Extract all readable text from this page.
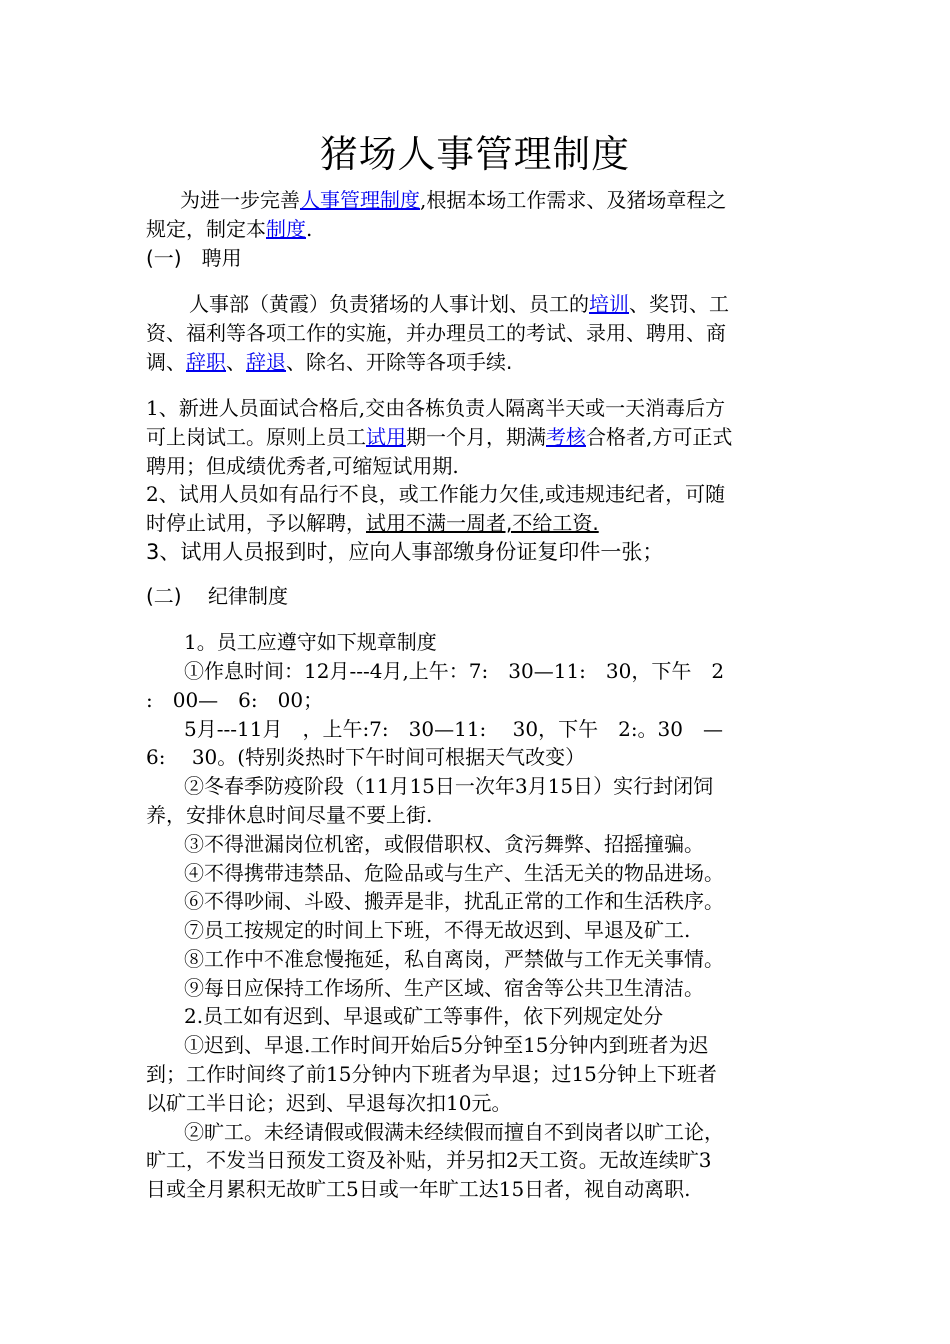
猪场人事管理制度
为进一步完善人事管理制度,根据本场工作需求、及猪场章程之
规定，制定本制度.
(一)　聘用
人事部（黄霞）负责猪场的人事计划、员工的培训、奖罚、工
资、福利等各项工作的实施，并办理员工的考试、录用、聘用、商
调、辞职、辞退、除名、开除等各项手续.
1、新进人员面试合格后,交由各栋负责人隔离半天或一天消毒后方
可上岗试工。原则上员工试用期一个月，期满考核合格者,方可正式
聘用；但成绩优秀者,可缩短试用期.
2、试用人员如有品行不良，或工作能力欠佳,或违规违纪者，可随
时停止试用，予以解聘，试用不满一周者,不给工资.
3、试用人员报到时，应向人事部缴身份证复印件一张；
(二)　 纪律制度
1。员工应遵守如下规章制度
①作息时间：12月---4月,上午：7:　30—11:　30，下午　2
:　00—　6:　00；
5月---11月　，上午:7:　30—11:　 30，下午　2:。30　—
6:　 30。(特别炎热时下午时间可根据天气改变）
②冬春季防疫阶段（11月15日一次年3月15日）实行封闭饲
养，安排休息时间尽量不要上街.
③不得泄漏岗位机密，或假借职权、贪污舞弊、招摇撞骗。
④不得携带违禁品、危险品或与生产、生活无关的物品进场。
⑥不得吵闹、斗殴、搬弄是非，扰乱正常的工作和生活秩序。
⑦员工按规定的时间上下班，不得无故迟到、早退及矿工.
⑧工作中不准怠慢拖延，私自离岗，严禁做与工作无关事情。
⑨每日应保持工作场所、生产区域、宿舍等公共卫生清洁。
2.员工如有迟到、早退或矿工等事件，依下列规定处分
①迟到、早退.工作时间开始后5分钟至15分钟内到班者为迟
到；工作时间终了前15分钟内下班者为早退；过15分钟上下班者
以矿工半日论；迟到、早退每次扣10元。
②旷工。未经请假或假满未经续假而擅自不到岗者以旷工论，
旷工，不发当日预发工资及补贴，并另扣2天工资。无故连续旷3
日或全月累积无故旷工5日或一年旷工达15日者，视自动离职.
